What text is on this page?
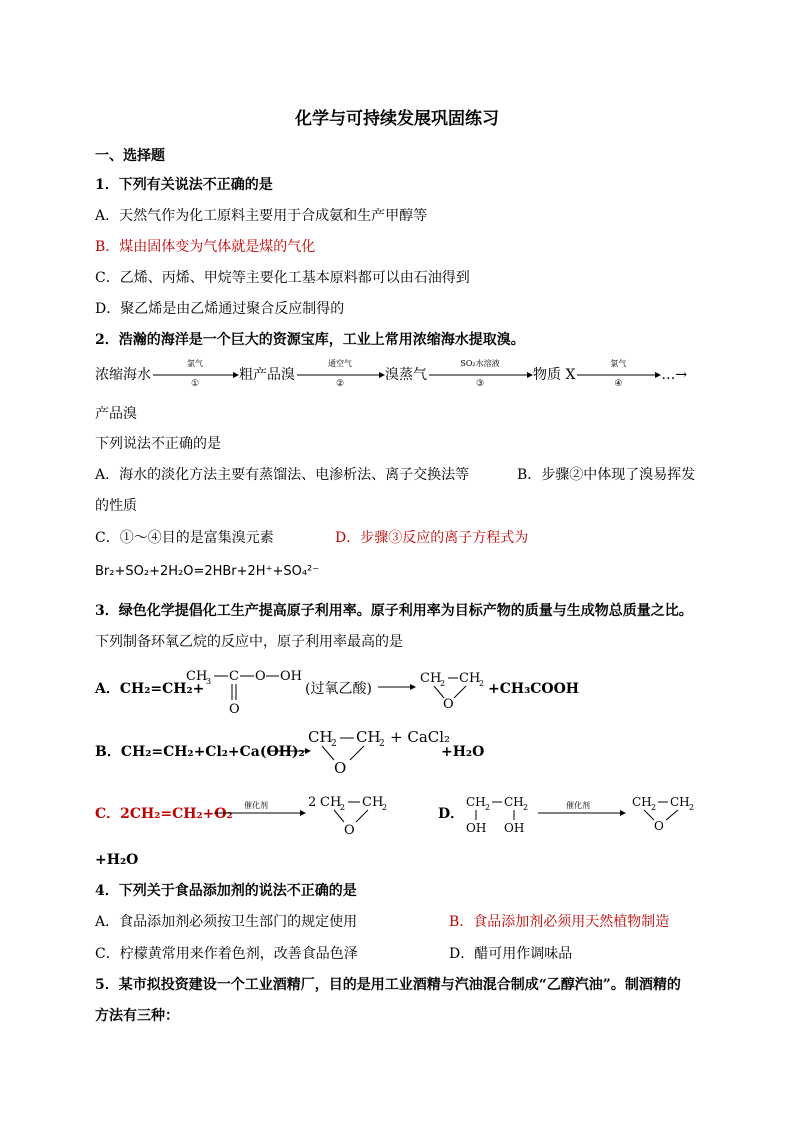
化学与可持续发展巩固练习
一、选择题
1．下列有关说法不正确的是
A．天然气作为化工原料主要用于合成氨和生产甲醇等
B．煤由固体变为气体就是煤的气化
C．乙烯、丙烯、甲烷等主要化工基本原料都可以由石油得到
D．聚乙烯是由乙烯通过聚合反应制得的
2．浩瀚的海洋是一个巨大的资源宝库，工业上常用浓缩海水提取溴。
浓缩海水
氯气
①
粗产品溴
通空气
②
溴蒸气
SO₂水溶液
③
物质 X
氯气
④
…→
产品溴
下列说法不正确的是
A．海水的淡化方法主要有蒸馏法、电渗析法、离子交换法等	B．步骤②中体现了溴易挥发
的性质
C．①～④目的是富集溴元素	D．步骤③反应的离子方程式为
Br₂+SO₂+2H₂O=2HBr+2H⁺+SO₄²⁻
3．绿色化学提倡化工生产提高原子利用率。原子利用率为目标产物的质量与生成物总质量之比。
下列制备环氧乙烷的反应中，原子利用率最高的是
A．CH₂=CH₂+
CH
3 C O OH
O
(过氧乙酸)
CH
2 CH
2
O
+CH₃COOH
B．CH₂=CH₂+Cl₂+Ca(OH)₂
CH
2 CH
2
O
+ CaCl₂
+H₂O
C．2CH₂=CH₂+O₂
催化剂	2 CH
2 CH
2
O
D．
CH 2 CH 2
OH OH
催化剂	CH 2 CH 2
O
+H₂O
4．下列关于食品添加剂的说法不正确的是
A．食品添加剂必须按卫生部门的规定使用	B．食品添加剂必须用天然植物制造
C．柠檬黄常用来作着色剂，改善食品色泽	D．醋可用作调味品
5．某市拟投资建设一个工业酒精厂，目的是用工业酒精与汽油混合制成“乙醇汽油”。制酒精的
方法有三种：
